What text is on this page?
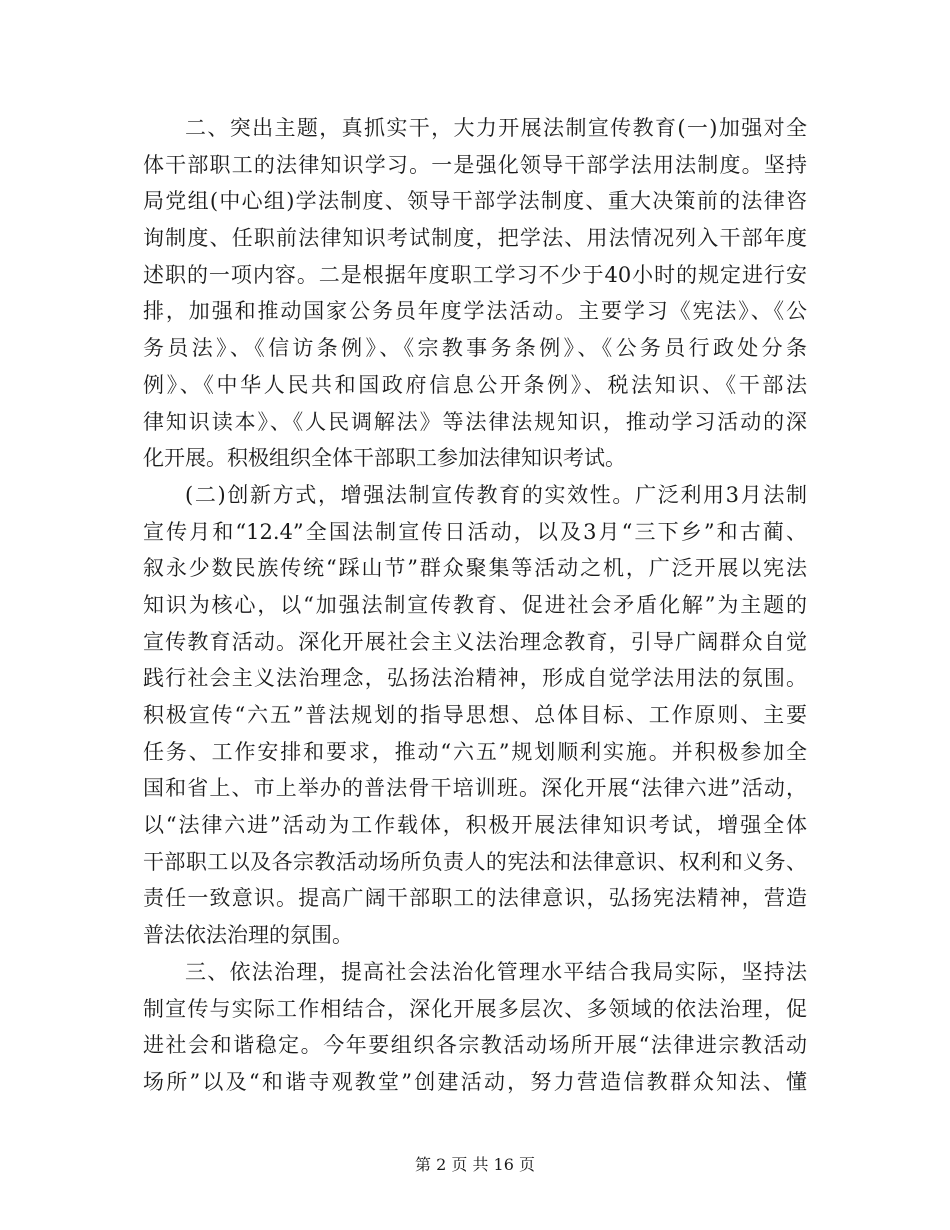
二、突出主题，真抓实干，大力开展法制宣传教育(一)加强对全
体干部职工的法律知识学习。一是强化领导干部学法用法制度。坚持
局党组(中心组)学法制度、领导干部学法制度、重大决策前的法律咨
询制度、任职前法律知识考试制度，把学法、用法情况列入干部年度
述职的一项内容。二是根据年度职工学习不少于40小时的规定进行安
排，加强和推动国家公务员年度学法活动。主要学习《宪法》、《公
务员法》、《信访条例》、《宗教事务条例》、《公务员行政处分条
例》、《中华人民共和国政府信息公开条例》、税法知识、《干部法
律知识读本》、《人民调解法》等法律法规知识，推动学习活动的深
化开展。积极组织全体干部职工参加法律知识考试。
(二)创新方式，增强法制宣传教育的实效性。广泛利用3月法制
宣传月和“12.4”全国法制宣传日活动，以及3月“三下乡”和古蔺、
叙永少数民族传统“踩山节”群众聚集等活动之机，广泛开展以宪法
知识为核心，以“加强法制宣传教育、促进社会矛盾化解”为主题的
宣传教育活动。深化开展社会主义法治理念教育，引导广阔群众自觉
践行社会主义法治理念，弘扬法治精神，形成自觉学法用法的氛围。
积极宣传“六五”普法规划的指导思想、总体目标、工作原则、主要
任务、工作安排和要求，推动“六五”规划顺利实施。并积极参加全
国和省上、市上举办的普法骨干培训班。深化开展“法律六进”活动，
以“法律六进”活动为工作载体，积极开展法律知识考试，增强全体
干部职工以及各宗教活动场所负责人的宪法和法律意识、权利和义务、
责任一致意识。提高广阔干部职工的法律意识，弘扬宪法精神，营造
普法依法治理的氛围。
三、依法治理，提高社会法治化管理水平结合我局实际，坚持法
制宣传与实际工作相结合，深化开展多层次、多领域的依法治理，促
进社会和谐稳定。今年要组织各宗教活动场所开展“法律进宗教活动
场所”以及“和谐寺观教堂”创建活动，努力营造信教群众知法、懂
第 2 页 共 16 页
